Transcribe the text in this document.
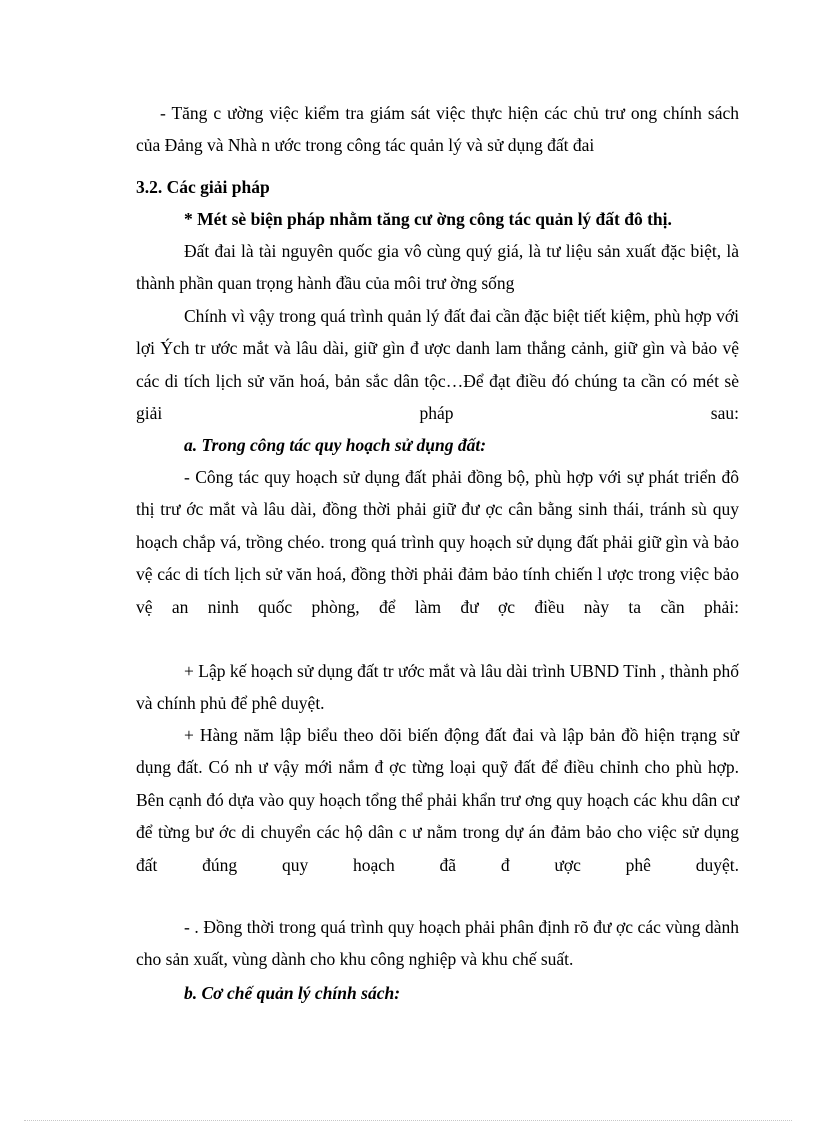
- Tăng c ường việc kiểm tra giám sát việc thực hiện các chủ trư ong chính sách của Đảng và Nhà n ước trong công tác quản lý và sử dụng đất đai

3.2. Các giải pháp

* Mét sè biện pháp nhằm tăng cư ờng công tác quản lý đất đô thị.

Đất đai là tài nguyên quốc gia vô cùng quý giá, là tư liệu sản xuất đặc biệt, là thành phần quan trọng hành đầu của môi trư ờng sống

Chính vì vậy trong quá trình quản lý đất đai cần đặc biệt tiết kiệm, phù hợp với lợi Ých tr ước mắt và lâu dài, giữ gìn đ ược danh lam thắng cảnh, giữ gìn và bảo vệ các di tích lịch sử văn hoá, bản sắc dân tộc…Để đạt điều đó chúng ta cần có mét sè giải pháp sau:

a. Trong công tác quy hoạch sử dụng đất:

- Công tác quy hoạch sử dụng đất phải đồng bộ, phù hợp với sự phát triển đô thị trư ớc mắt và lâu dài, đồng thời phải giữ đư ợc cân bằng sinh thái, tránh sù quy hoạch chắp vá, trồng chéo. trong quá trình quy hoạch sử dụng đất phải giữ gìn và bảo vệ các di tích lịch sử văn hoá, đồng thời phải đảm bảo tính chiến l ược trong việc bảo vệ an ninh quốc phòng, để làm đư ợc điều này ta cần phải:

+ Lập kế hoạch sử dụng đất tr ước mắt và lâu dài trình UBND Tỉnh , thành phố và chính phủ để phê duyệt.

+ Hàng năm lập biểu theo dõi biến động đất đai và lập bản đồ hiện trạng sử dụng đất. Có nh ư vậy mới nắm đ ợc từng loại quỹ đất để điều chỉnh cho phù hợp. Bên cạnh đó dựa vào quy hoạch tổng thể phải khẩn trư ơng quy hoạch các khu dân cư để từng bư ớc di chuyển các hộ dân c ư nằm trong dự án đảm bảo cho việc sử dụng đất đúng quy hoạch đã đ ược phê duyệt.

- . Đồng thời trong quá trình quy hoạch phải phân định rõ đư ợc các vùng dành cho sản xuất, vùng dành cho khu công nghiệp và khu chế suất.

b. Cơ chế quản lý chính sách:
